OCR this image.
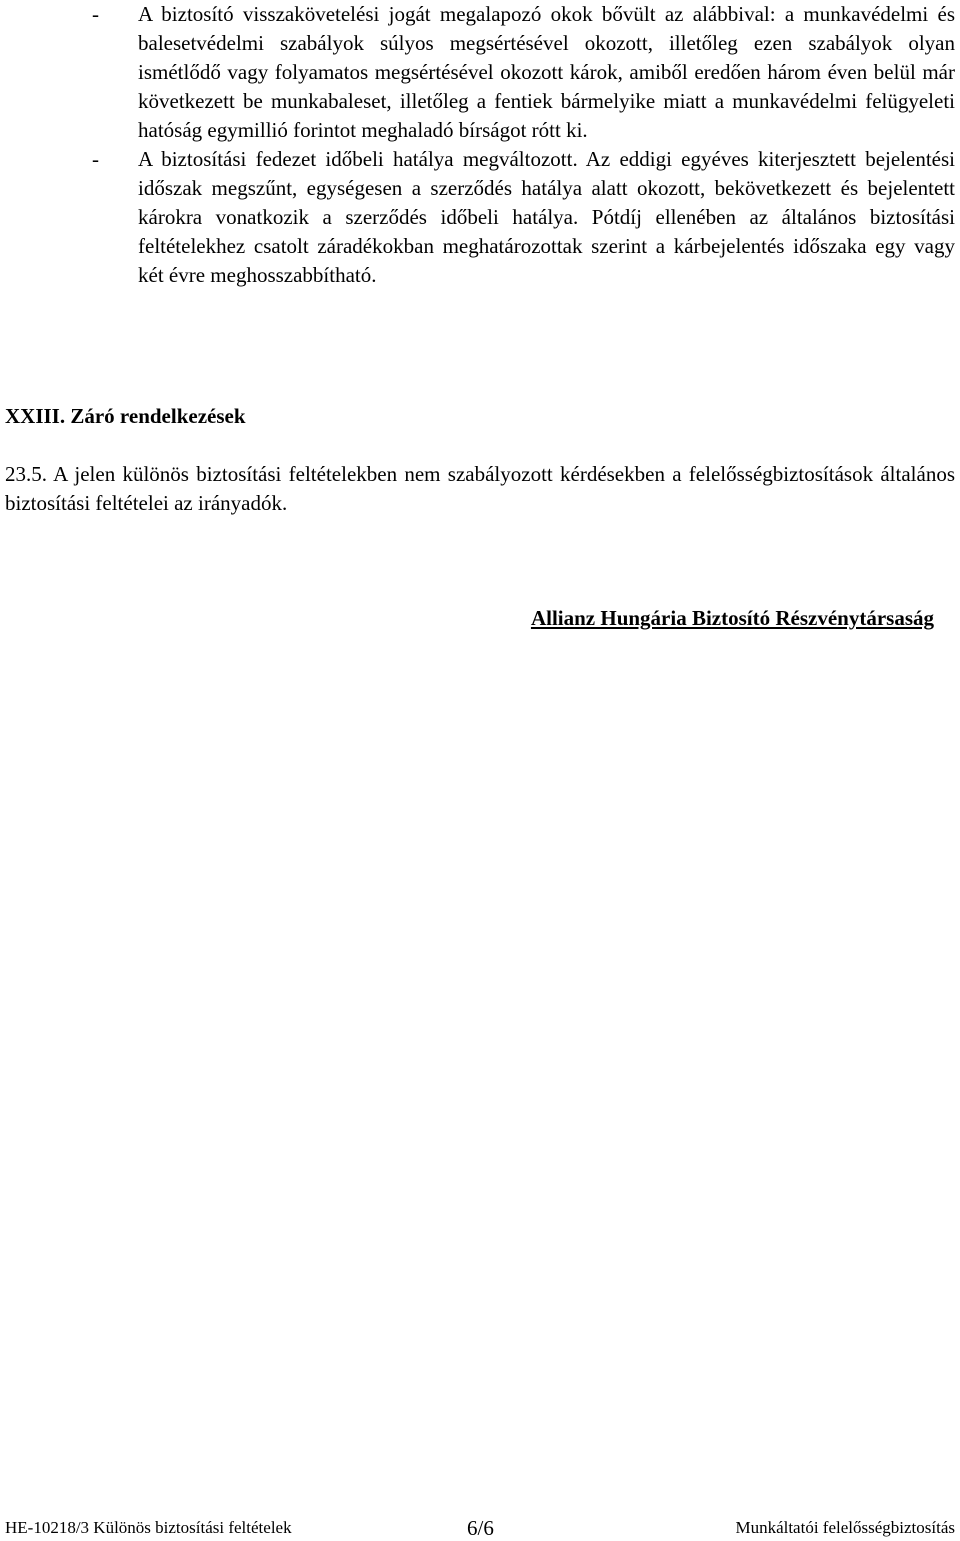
- A biztosító visszakövetelési jogát megalapozó okok bővült az alábbival: a munkavédelmi és balesetvédelmi szabályok súlyos megsértésével okozott, illetőleg ezen szabályok olyan ismétlődő vagy folyamatos megsértésével okozott károk, amiből eredően három éven belül már következett be munkabaleset, illetőleg a fentiek bármelyike miatt a munkavédelmi felügyeleti hatóság egymillió forintot meghaladó bírságot rótt ki.

- A biztosítási fedezet időbeli hatálya megváltozott. Az eddigi egyéves kiterjesztett bejelentési időszak megszűnt, egységesen a szerződés hatálya alatt okozott, bekövetkezett és bejelentett károkra vonatkozik a szerződés időbeli hatálya. Pótdíj ellenében az általános biztosítási feltételekhez csatolt záradékokban meghatározottak szerint a kárbejelentés időszaka egy vagy két évre meghosszabbítható.

XXIII. Záró rendelkezések

23.5. A jelen különös biztosítási feltételekben nem szabályozott kérdésekben a felelősségbiztosítások általános biztosítási feltételei az irányadók.

Allianz Hungária Biztosító Részvénytársaság

HE-10218/3 Különös biztosítási feltételek	6/6	Munkáltatói felelősségbiztosítás
